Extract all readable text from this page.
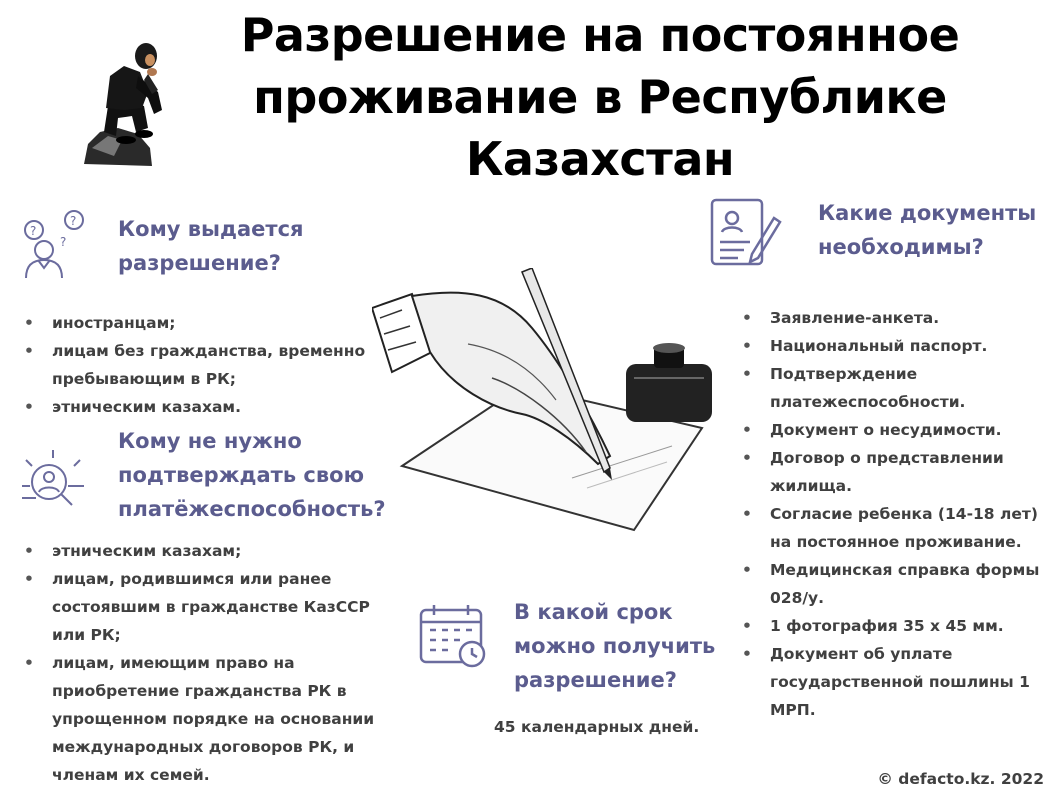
Разрешение на постоянное
проживание в Республике
Казахстан
?
?
?
Кому выдается
разрешение?
• иностранцам;
• лицам без гражданства, временно пребывающим в РК;
• этническим казахам.
Кому не нужно
подтверждать свою
платёжеспособность?
• этническим казахам;
• лицам, родившимся или ранее состоявшим в гражданстве КазССР или РК;
• лицам, имеющим право на приобретение гражданства РК в упрощенном порядке на основании международных договоров РК, и членам их семей.
Какие документы
необходимы?
• Заявление-анкета.
• Национальный паспорт.
• Подтверждение платежеспособности.
• Документ о несудимости.
• Договор о представлении жилища.
• Согласие ребенка (14-18 лет) на постоянное проживание.
• Медицинская справка формы 028/у.
• 1 фотография 35 х 45 мм.
• Документ об уплате государственной пошлины 1 МРП.
В какой срок
можно получить
разрешение?
45 календарных дней.
© defacto.kz. 2022
